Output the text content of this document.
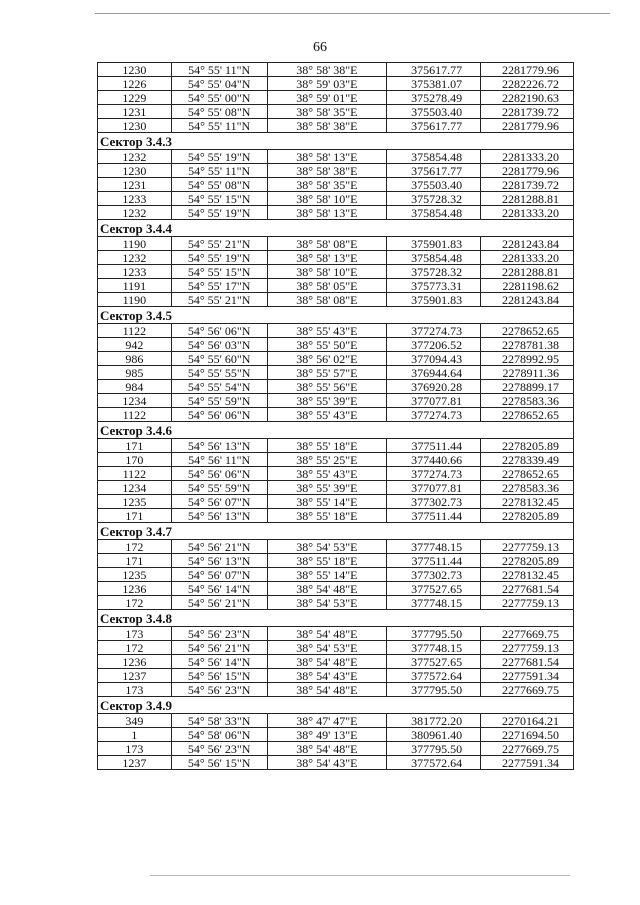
66
1230	54° 55' 11"N	38° 58' 38"E	375617.77	2281779.96
1226	54° 55' 04"N	38° 59' 03"E	375381.07	2282226.72
1229	54° 55' 00"N	38° 59' 01"E	375278.49	2282190.63
1231	54° 55' 08"N	38° 58' 35"E	375503.40	2281739.72
1230	54° 55' 11"N	38° 58' 38"E	375617.77	2281779.96
Сектор 3.4.3				
1232	54° 55' 19"N	38° 58' 13"E	375854.48	2281333.20
1230	54° 55' 11"N	38° 58' 38"E	375617.77	2281779.96
1231	54° 55' 08"N	38° 58' 35"E	375503.40	2281739.72
1233	54° 55' 15"N	38° 58' 10"E	375728.32	2281288.81
1232	54° 55' 19"N	38° 58' 13"E	375854.48	2281333.20
Сектор 3.4.4				
1190	54° 55' 21"N	38° 58' 08"E	375901.83	2281243.84
1232	54° 55' 19"N	38° 58' 13"E	375854.48	2281333.20
1233	54° 55' 15"N	38° 58' 10"E	375728.32	2281288.81
1191	54° 55' 17"N	38° 58' 05"E	375773.31	2281198.62
1190	54° 55' 21"N	38° 58' 08"E	375901.83	2281243.84
Сектор 3.4.5				
1122	54° 56' 06"N	38° 55' 43"E	377274.73	2278652.65
942	54° 56' 03"N	38° 55' 50"E	377206.52	2278781.38
986	54° 55' 60"N	38° 56' 02"E	377094.43	2278992.95
985	54° 55' 55"N	38° 55' 57"E	376944.64	2278911.36
984	54° 55' 54"N	38° 55' 56"E	376920.28	2278899.17
1234	54° 55' 59"N	38° 55' 39"E	377077.81	2278583.36
1122	54° 56' 06"N	38° 55' 43"E	377274.73	2278652.65
Сектор 3.4.6				
171	54° 56' 13"N	38° 55' 18"E	377511.44	2278205.89
170	54° 56' 11"N	38° 55' 25"E	377440.66	2278339.49
1122	54° 56' 06"N	38° 55' 43"E	377274.73	2278652.65
1234	54° 55' 59"N	38° 55' 39"E	377077.81	2278583.36
1235	54° 56' 07"N	38° 55' 14"E	377302.73	2278132.45
171	54° 56' 13"N	38° 55' 18"E	377511.44	2278205.89
Сектор 3.4.7				
172	54° 56' 21"N	38° 54' 53"E	377748.15	2277759.13
171	54° 56' 13"N	38° 55' 18"E	377511.44	2278205.89
1235	54° 56' 07"N	38° 55' 14"E	377302.73	2278132.45
1236	54° 56' 14"N	38° 54' 48"E	377527.65	2277681.54
172	54° 56' 21"N	38° 54' 53"E	377748.15	2277759.13
Сектор 3.4.8				
173	54° 56' 23"N	38° 54' 48"E	377795.50	2277669.75
172	54° 56' 21"N	38° 54' 53"E	377748.15	2277759.13
1236	54° 56' 14"N	38° 54' 48"E	377527.65	2277681.54
1237	54° 56' 15"N	38° 54' 43"E	377572.64	2277591.34
173	54° 56' 23"N	38° 54' 48"E	377795.50	2277669.75
Сектор 3.4.9				
349	54° 58' 33"N	38° 47' 47"E	381772.20	2270164.21
1	54° 58' 06"N	38° 49' 13"E	380961.40	2271694.50
173	54° 56' 23"N	38° 54' 48"E	377795.50	2277669.75
1237	54° 56' 15"N	38° 54' 43"E	377572.64	2277591.34
